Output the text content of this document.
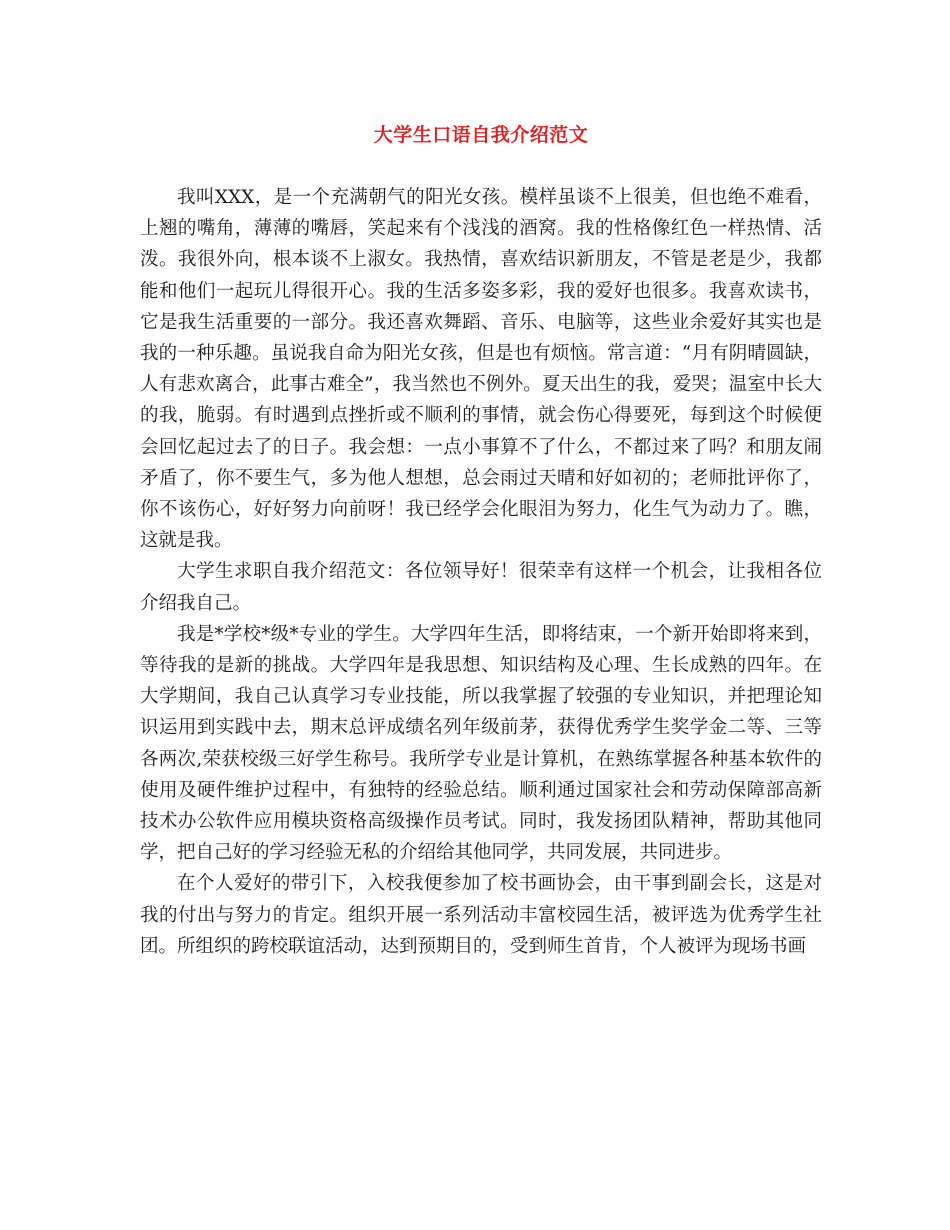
大学生口语自我介绍范文

我叫XXX，是一个充满朝气的阳光女孩。模样虽谈不上很美，但也绝不难看，上翘的嘴角，薄薄的嘴唇，笑起来有个浅浅的酒窝。我的性格像红色一样热情、活泼。我很外向，根本谈不上淑女。我热情，喜欢结识新朋友，不管是老是少，我都能和他们一起玩儿得很开心。我的生活多姿多彩，我的爱好也很多。我喜欢读书，它是我生活重要的一部分。我还喜欢舞蹈、音乐、电脑等，这些业余爱好其实也是我的一种乐趣。虽说我自命为阳光女孩，但是也有烦恼。常言道：“月有阴晴圆缺，人有悲欢离合，此事古难全”，我当然也不例外。夏天出生的我，爱哭；温室中长大的我，脆弱。有时遇到点挫折或不顺利的事情，就会伤心得要死，每到这个时候便会回忆起过去了的日子。我会想：一点小事算不了什么，不都过来了吗？和朋友闹矛盾了，你不要生气，多为他人想想，总会雨过天晴和好如初的；老师批评你了，你不该伤心，好好努力向前呀！我已经学会化眼泪为努力，化生气为动力了。瞧，这就是我。

大学生求职自我介绍范文：各位领导好！很荣幸有这样一个机会，让我相各位介绍我自己。

我是*学校*级*专业的学生。大学四年生活，即将结束，一个新开始即将来到，等待我的是新的挑战。大学四年是我思想、知识结构及心理、生长成熟的四年。在大学期间，我自己认真学习专业技能，所以我掌握了较强的专业知识，并把理论知识运用到实践中去，期末总评成绩名列年级前茅，获得优秀学生奖学金二等、三等各两次,荣获校级三好学生称号。我所学专业是计算机，在熟练掌握各种基本软件的使用及硬件维护过程中，有独特的经验总结。顺利通过国家社会和劳动保障部高新技术办公软件应用模块资格高级操作员考试。同时，我发扬团队精神，帮助其他同学，把自己好的学习经验无私的介绍给其他同学，共同发展，共同进步。

在个人爱好的带引下，入校我便参加了校书画协会，由干事到副会长，这是对我的付出与努力的肯定。组织开展一系列活动丰富校园生活，被评选为优秀学生社团。所组织的跨校联谊活动，达到预期目的，受到师生首肯，个人被评为现场书画
